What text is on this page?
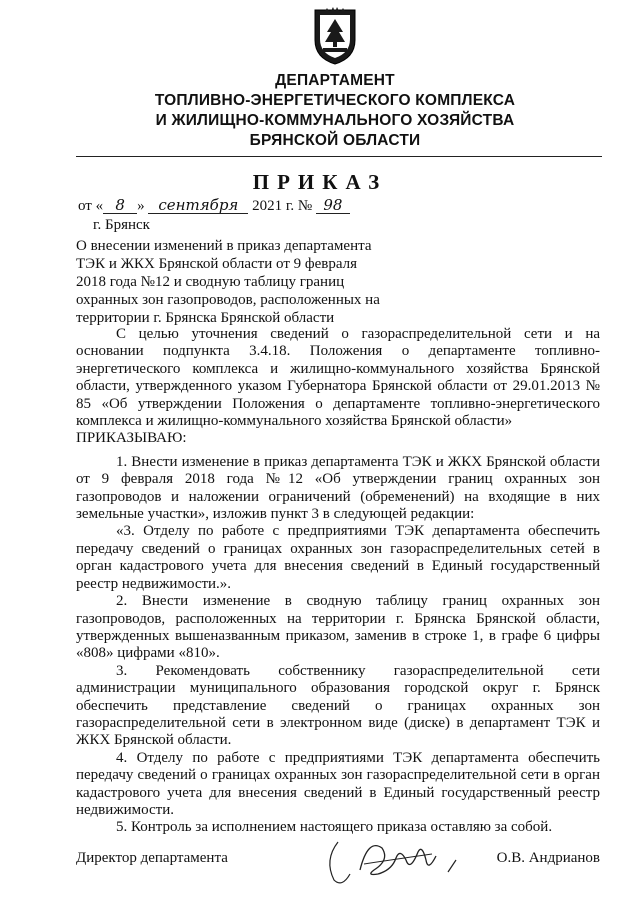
ДЕПАРТАМЕНТ
ТОПЛИВНО-ЭНЕРГЕТИЧЕСКОГО КОМПЛЕКСА
И ЖИЛИЩНО-КОММУНАЛЬНОГО ХОЗЯЙСТВА
БРЯНСКОЙ ОБЛАСТИ
ПРИКАЗ
от « 8 » сентября 2021 г. № 98
г. Брянск
О внесении изменений в приказ департамента
ТЭК и ЖКХ Брянской области от 9 февраля
2018 года №12 и сводную таблицу границ
охранных зон газопроводов, расположенных на
территории г. Брянска Брянской области

С целью уточнения сведений о газораспределительной сети и на основании подпункта 3.4.18. Положения о департаменте топливно-энергетического комплекса и жилищно-коммунального хозяйства Брянской области, утвержденного указом Губернатора Брянской области от 29.01.2013 № 85 «Об утверждении Положения о департаменте топливно-энергетического комплекса и жилищно-коммунального хозяйства Брянской области»

ПРИКАЗЫВАЮ:

1. Внести изменение в приказ департамента ТЭК и ЖКХ Брянской области от 9 февраля 2018 года №12 «Об утверждении границ охранных зон газопроводов и наложении ограничений (обременений) на входящие в них земельные участки», изложив пункт 3 в следующей редакции:

«3. Отделу по работе с предприятиями ТЭК департамента обеспечить передачу сведений о границах охранных зон газораспределительных сетей в орган кадастрового учета для внесения сведений в Единый государственный реестр недвижимости.».

2. Внести изменение в сводную таблицу границ охранных зон газопроводов, расположенных на территории г. Брянска Брянской области, утвержденных вышеназванным приказом, заменив в строке 1, в графе 6 цифры «808» цифрами «810».

3. Рекомендовать собственнику газораспределительной сети администрации муниципального образования городской округ г. Брянск обеспечить представление сведений о границах охранных зон газораспределительной сети в электронном виде (диске) в департамент ТЭК и ЖКХ Брянской области.

4. Отделу по работе с предприятиями ТЭК департамента обеспечить передачу сведений о границах охранных зон газораспределительной сети в орган кадастрового учета для внесения сведений в Единый государственный реестр недвижимости.

5. Контроль за исполнением настоящего приказа оставляю за собой.

Директор департамента	О.В. Андрианов
